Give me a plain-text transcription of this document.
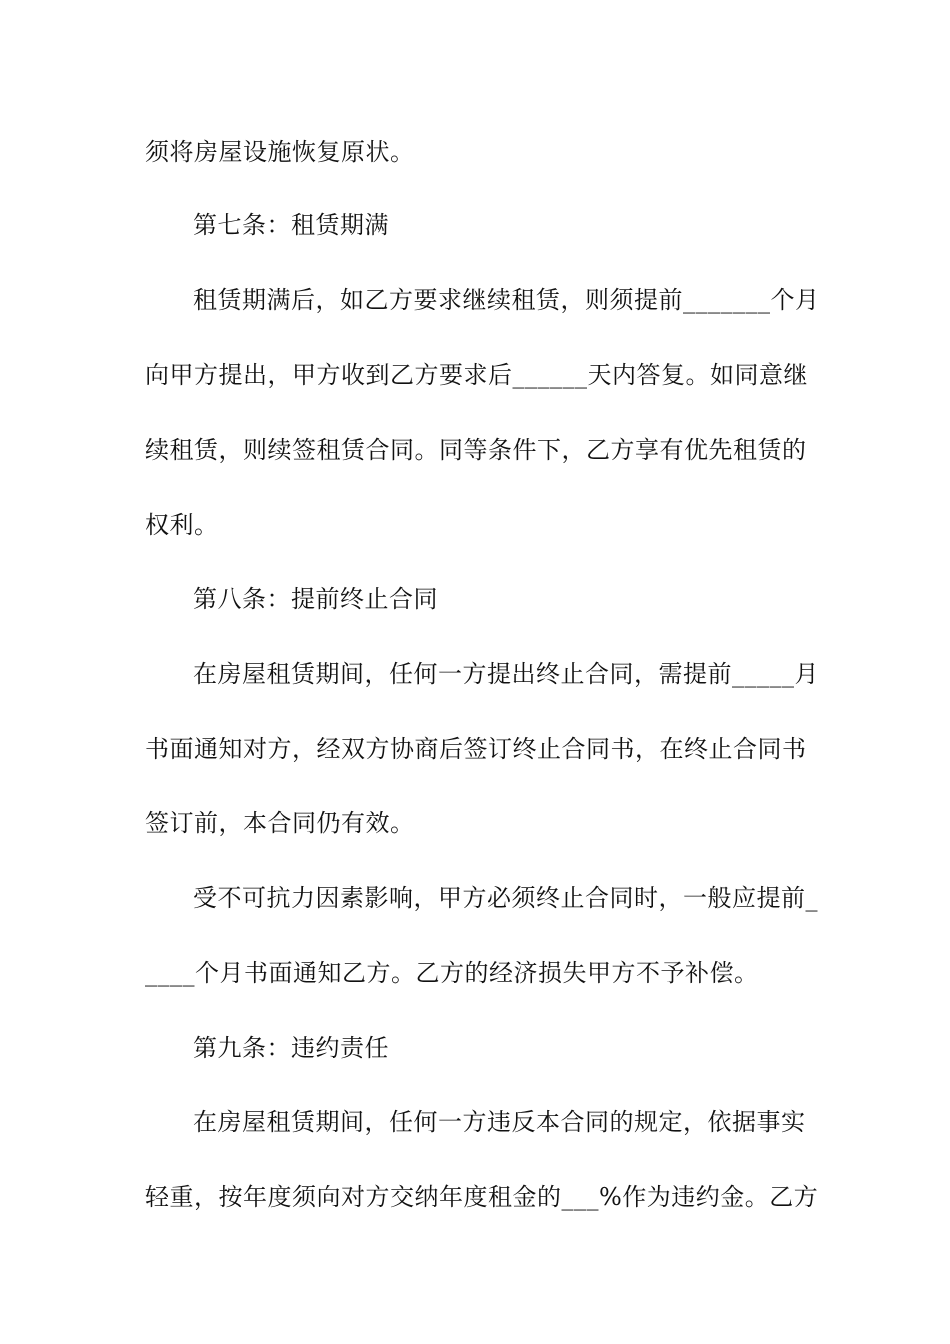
须将房屋设施恢复原状。
第七条：租赁期满
租赁期满后，如乙方要求继续租赁，则须提前_______个月
向甲方提出，甲方收到乙方要求后______天内答复。如同意继
续租赁，则续签租赁合同。同等条件下，乙方享有优先租赁的
权利。
第八条：提前终止合同
在房屋租赁期间，任何一方提出终止合同，需提前_____月
书面通知对方，经双方协商后签订终止合同书，在终止合同书
签订前，本合同仍有效。
受不可抗力因素影响，甲方必须终止合同时，一般应提前_
____个月书面通知乙方。乙方的经济损失甲方不予补偿。
第九条：违约责任
在房屋租赁期间，任何一方违反本合同的规定，依据事实
轻重，按年度须向对方交纳年度租金的___%作为违约金。乙方
